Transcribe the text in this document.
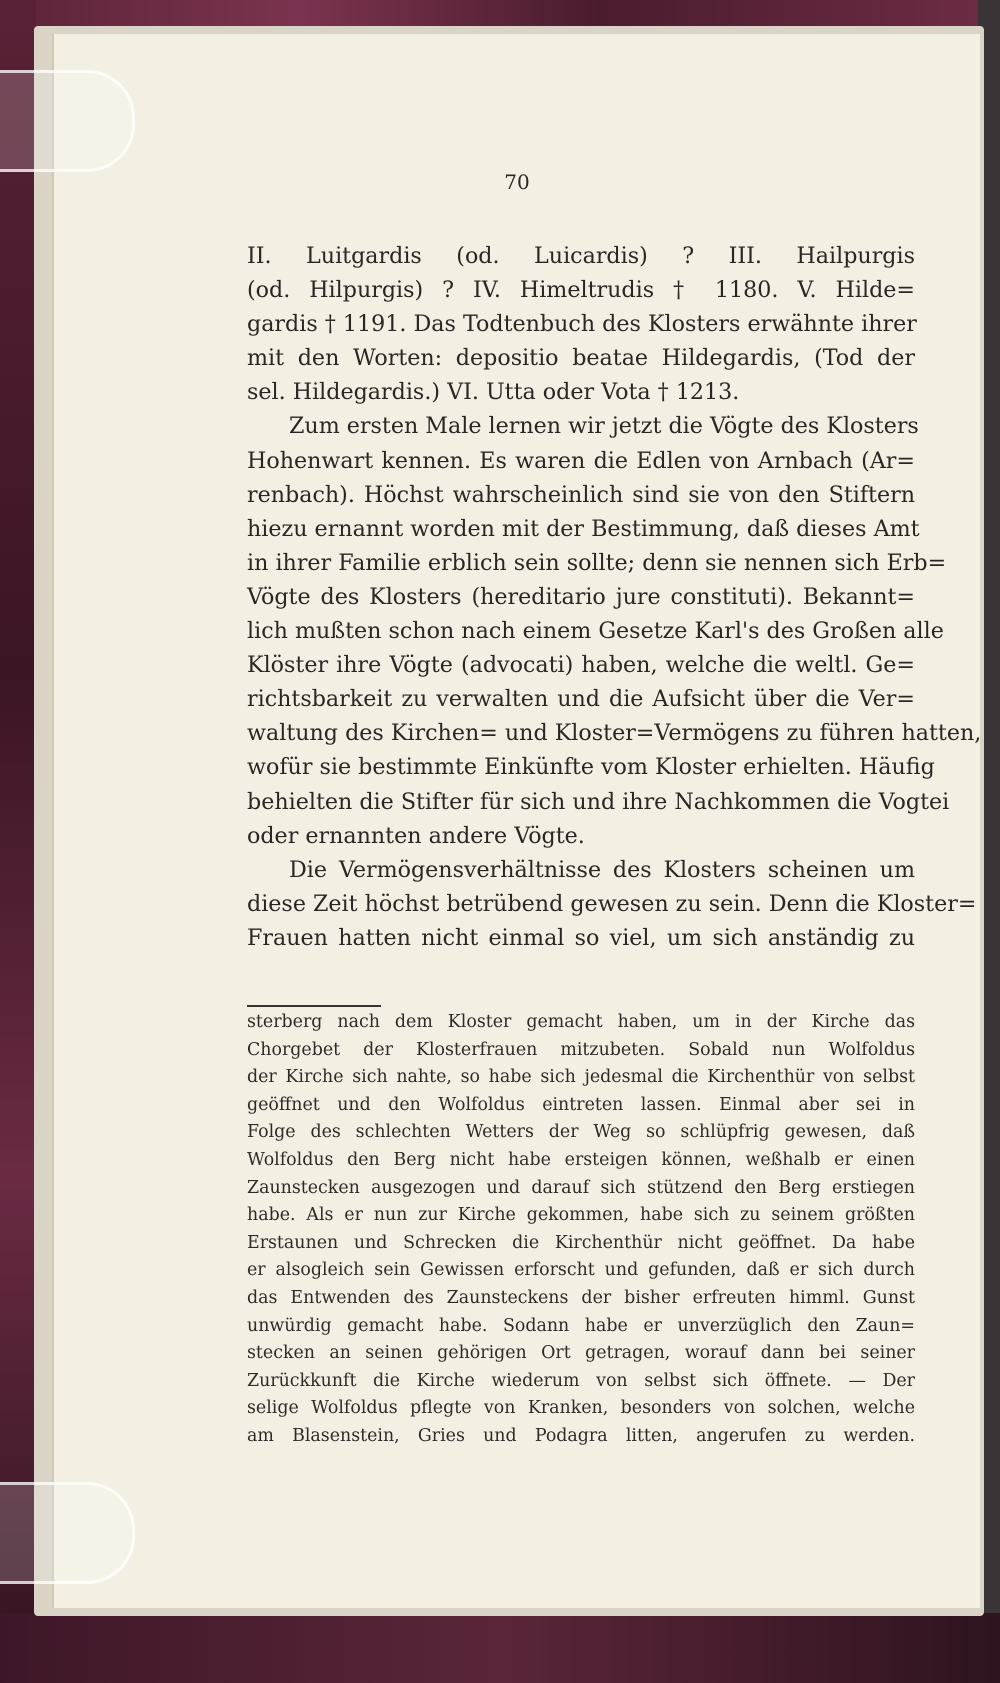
70
II. Luitgardis (od. Luicardis) ? III. Hailpurgis
(od. Hilpurgis) ? IV. Himeltrudis † 1180. V. Hilde=
gardis † 1191. Das Todtenbuch des Klosters erwähnte ihrer
mit den Worten: depositio beatae Hildegardis, (Tod der
sel. Hildegardis.) VI. Utta oder Vota † 1213.
Zum ersten Male lernen wir jetzt die Vögte des Klosters
Hohenwart kennen. Es waren die Edlen von Arnbach (Ar=
renbach). Höchst wahrscheinlich sind sie von den Stiftern
hiezu ernannt worden mit der Bestimmung, daß dieses Amt
in ihrer Familie erblich sein sollte; denn sie nennen sich Erb=
Vögte des Klosters (hereditario jure constituti). Bekannt=
lich mußten schon nach einem Gesetze Karl's des Großen alle
Klöster ihre Vögte (advocati) haben, welche die weltl. Ge=
richtsbarkeit zu verwalten und die Aufsicht über die Ver=
waltung des Kirchen= und Kloster=Vermögens zu führen hatten,
wofür sie bestimmte Einkünfte vom Kloster erhielten. Häufig
behielten die Stifter für sich und ihre Nachkommen die Vogtei
oder ernannten andere Vögte.
Die Vermögensverhältnisse des Klosters scheinen um
diese Zeit höchst betrübend gewesen zu sein. Denn die Kloster=
Frauen hatten nicht einmal so viel, um sich anständig zu
sterberg nach dem Kloster gemacht haben, um in der Kirche das
Chorgebet der Klosterfrauen mitzubeten. Sobald nun Wolfoldus
der Kirche sich nahte, so habe sich jedesmal die Kirchenthür von selbst
geöffnet und den Wolfoldus eintreten lassen. Einmal aber sei in
Folge des schlechten Wetters der Weg so schlüpfrig gewesen, daß
Wolfoldus den Berg nicht habe ersteigen können, weßhalb er einen
Zaunstecken ausgezogen und darauf sich stützend den Berg erstiegen
habe. Als er nun zur Kirche gekommen, habe sich zu seinem größten
Erstaunen und Schrecken die Kirchenthür nicht geöffnet. Da habe
er alsogleich sein Gewissen erforscht und gefunden, daß er sich durch
das Entwenden des Zaunsteckens der bisher erfreuten himml. Gunst
unwürdig gemacht habe. Sodann habe er unverzüglich den Zaun=
stecken an seinen gehörigen Ort getragen, worauf dann bei seiner
Zurückkunft die Kirche wiederum von selbst sich öffnete. — Der
selige Wolfoldus pflegte von Kranken, besonders von solchen, welche
am Blasenstein, Gries und Podagra litten, angerufen zu werden.
